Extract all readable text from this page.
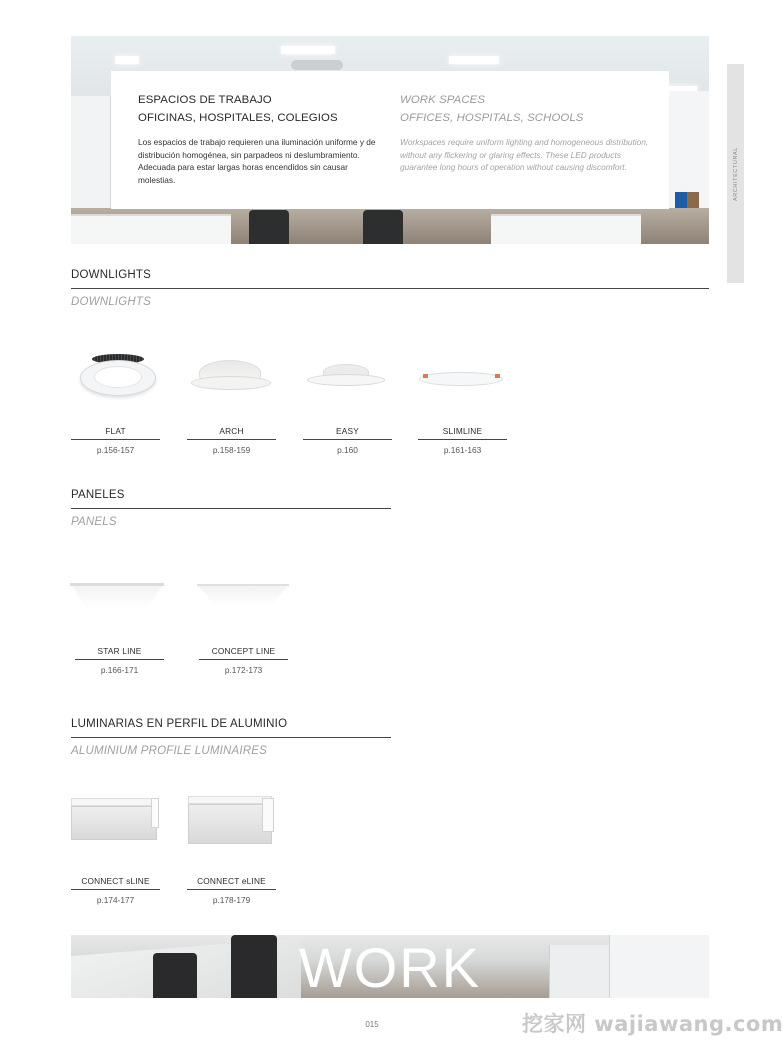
ESPACIOS DE TRABAJO
OFICINAS, HOSPITALES, COLEGIOS
Los espacios de trabajo requieren una iluminación uniforme y de distribución homogénea, sin parpadeos ni deslumbramiento. Adecuada para estar largas horas encendidos sin causar molestias.
WORK SPACES
OFFICES, HOSPITALS, SCHOOLS
Workspaces require uniform lighting and homogeneous distribution, without any flickering or glaring effects. These LED products guarantee long hours of operation without causing discomfort.	ARCHITECTURAL
DOWNLIGHTS
DOWNLIGHTS
FLAT
p.156-157
ARCH
p.158-159
EASY
p.160
SLIMLINE
p.161-163
PANELES
PANELS
STAR LINE
p.166-171
CONCEPT LINE
p.172-173
LUMINARIAS EN PERFIL DE ALUMINIO
ALUMINIUM PROFILE LUMINAIRES
CONNECT sLINE
p.174-177
CONNECT eLINE
p.178-179
WORK
015	挖家网 wajiawang.com
